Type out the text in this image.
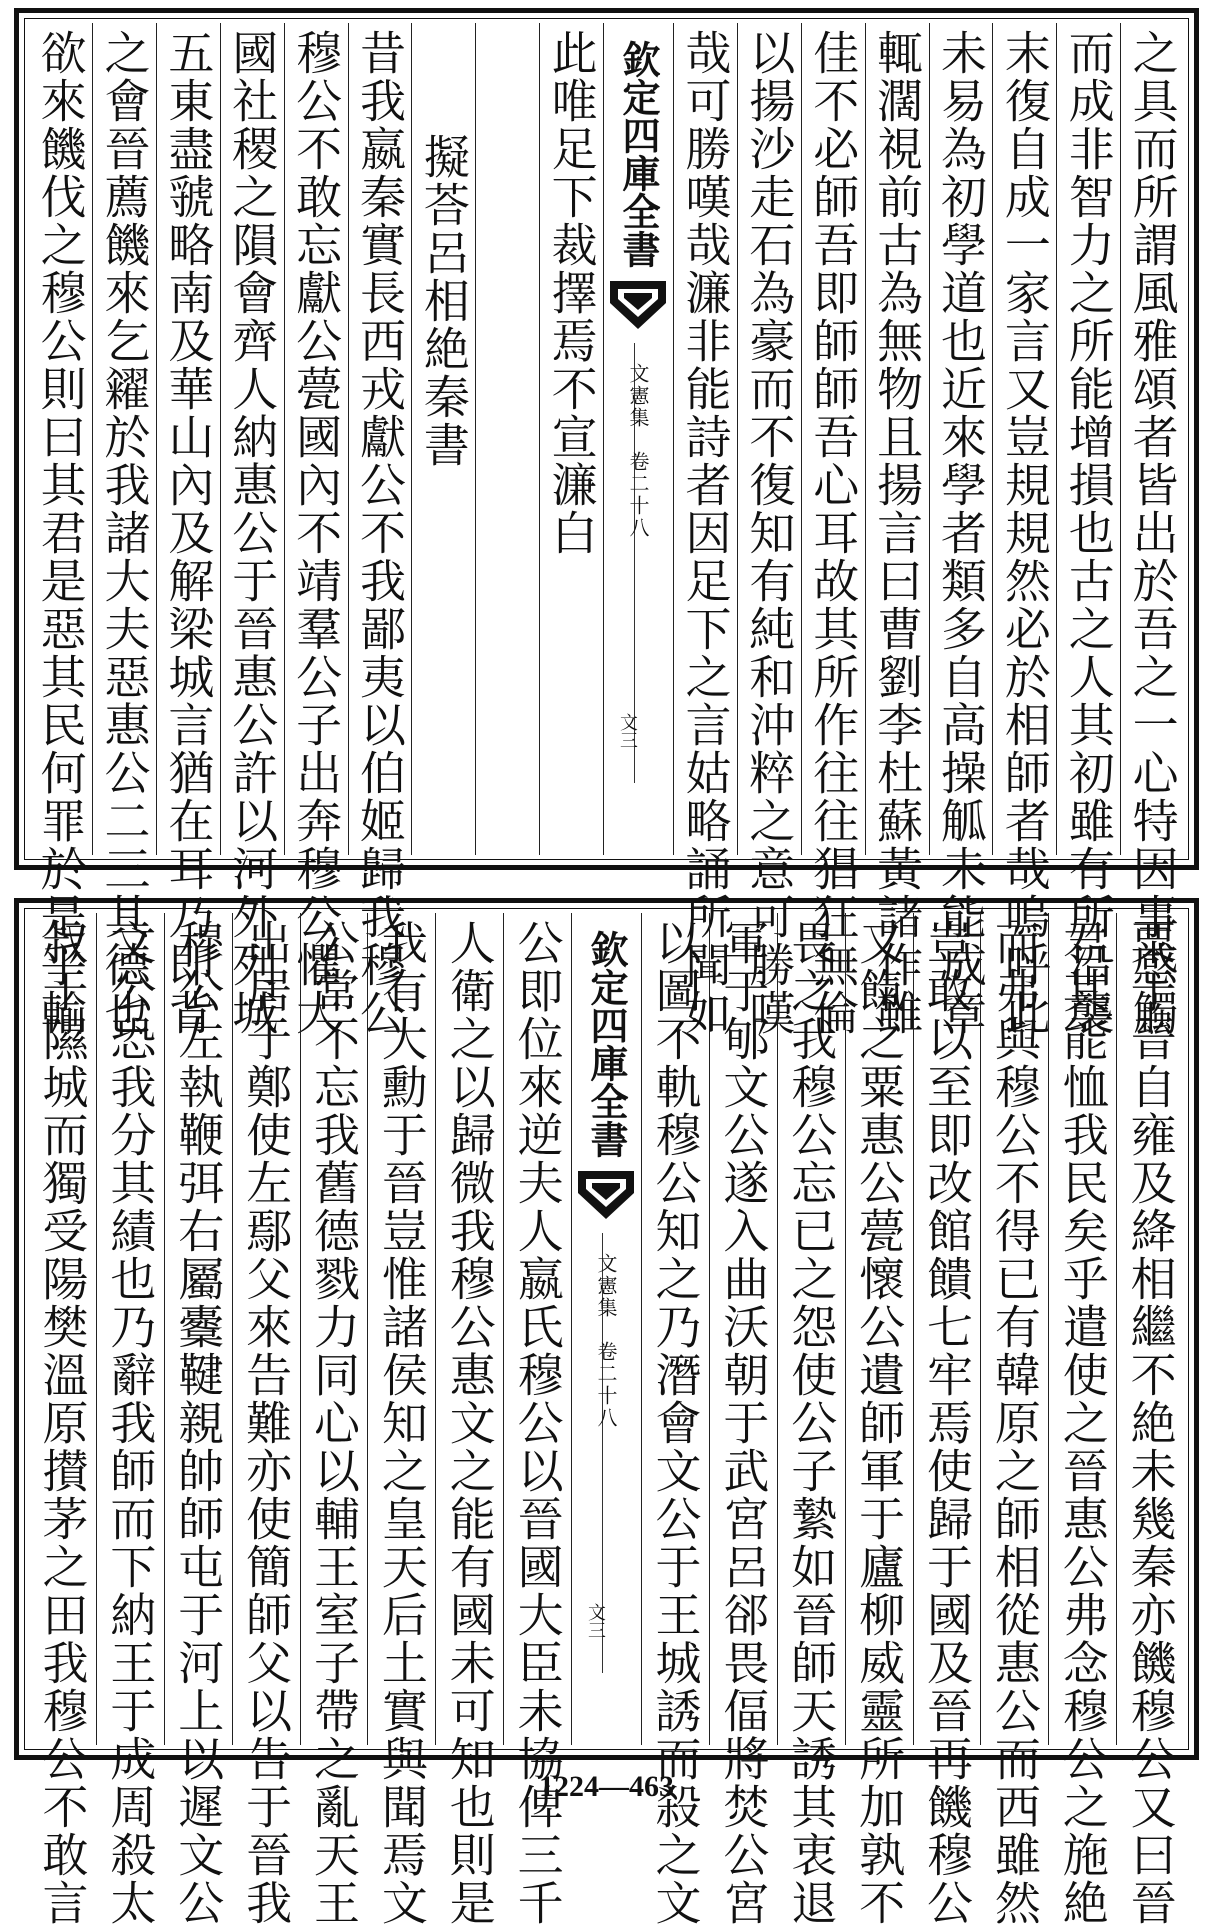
之具而所謂風雅頌者皆出於吾之一心特因事感觸
而成非智力之所能增損也古之人其初雖有所沿襲
末復自成一家言又豈規規然必於相師者哉嗚呼此
未易為初學道也近來學者類多自高操觚未能成章
輒濶視前古為無物且揚言曰曹劉李杜蘇黃諸作雖
佳不必師吾即師師吾心耳故其所作往往猖狂無倫
以揚沙走石為豪而不復知有純和沖粹之意可勝嘆
哉可勝嘆哉濂非能詩者因足下之言姑略誦所聞如
欽定四庫全書
文憲集　卷二十八
文三
此唯足下裁擇焉不宣濂白
擬荅呂相絶秦書
昔我嬴秦實長西戎獻公不我鄙夷以伯姬歸我穆公
穆公不敢忘獻公甍國內不靖羣公子出奔穆公懼大
國社稷之隕會齊人納惠公于晉惠公許以河外列城
五東盡虢略南及華山內及解梁城言猶在耳乃即背
之會晉薦饑來乞糴於我諸大夫惡惠公二三其德也
欲來饑伐之穆公則曰其君是惡其民何罪於是乎輸
粟于晉自雍及絳相繼不絶未幾秦亦饑穆公又曰晉
君其能恤我民矣乎遣使之晉惠公弗念穆公之施絶
而弗與穆公不得已有韓原之師相從惠公而西雖然
豈敢以至即改館饋七牢焉使歸于國及晉再饑穆公
又餼之粟惠公甍懷公遺師軍于廬柳威靈所加孰不
畏之我穆公忘已之怨使公子縶如晉師天誘其衷退
軍于郇文公遂入曲沃朝于武宮呂郤畏偪將焚公宮
以圖不軌穆公知之乃潛會文公于王城誘而殺之文
欽定四庫全書
文憲集　卷二十八
文三
公即位來逆夫人嬴氏穆公以晉國大臣未協俾三千
人衛之以歸微我穆公惠文之能有國未可知也則是
我有大勳于晉豈惟諸侯知之皇天后土實與聞焉文
公常不忘我舊德戮力同心以輔王室子帶之亂天王
出居于鄭使左鄢父來告難亦使簡師父以告于晉我
穆公左執鞭弭右屬櫜鞬親帥師屯于河上以遲文公
文公恐我分其績也乃辭我師而下納王于成周殺太
叔于隰城而獨受陽樊溫原攅茅之田我穆公不敢言	1224—463
